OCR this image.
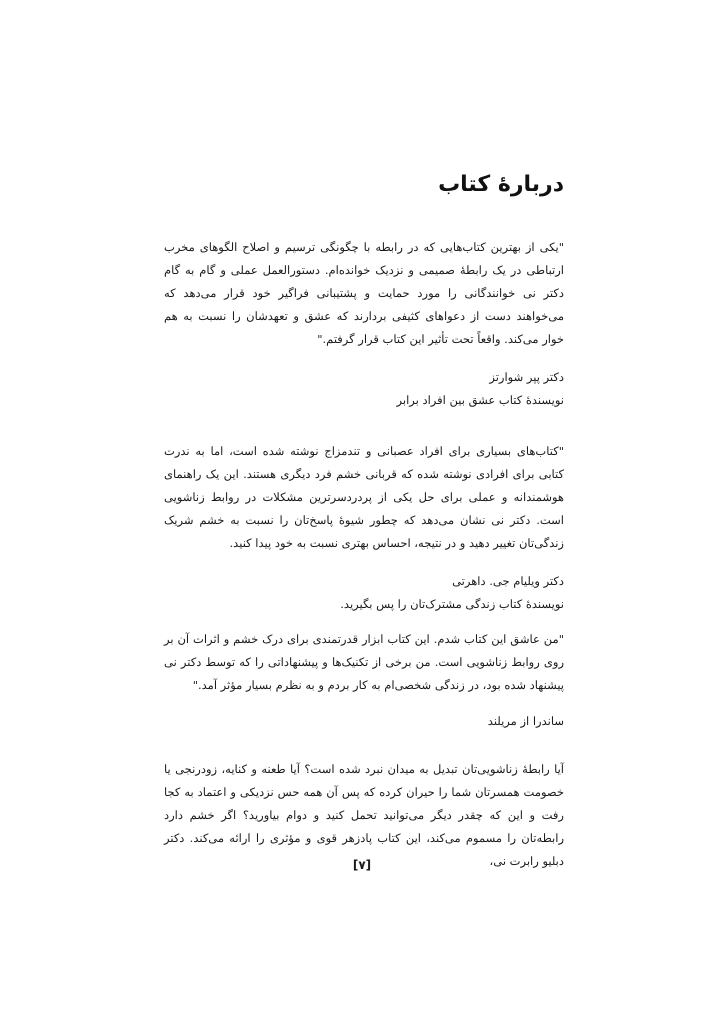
دربارهٔ کتاب

"یکی از بهترین کتاب‌هایی که در رابطه با چگونگی ترسیم و اصلاح الگوهای مخرب ارتباطی در یک رابطهٔ صمیمی و نزدیک خوانده‌ام. دستورالعمل عملی و گام به گام دکتر نی خوانندگانی را مورد حمایت و پشتیبانی فراگیر خود قرار می‌دهد که می‌خواهند دست از دعواهای کثیفی بردارند که عشق و تعهدشان را نسبت به هم خوار می‌کند. واقعاً تحت تأثیر این کتاب قرار گرفتم."

دکتر پپر شوارتز
نویسندهٔ کتاب عشق بین افراد برابر

"کتاب‌های بسیاری برای افراد عصبانی و تندمزاج نوشته شده است، اما به ندرت کتابی برای افرادی نوشته شده که قربانی خشم فرد دیگری هستند. این یک راهنمای هوشمندانه و عملی برای حل یکی از پردردسرترین مشکلات در روابط زناشویی است. دکتر نی نشان می‌دهد که چطور شیوهٔ پاسخ‌تان را نسبت به خشم شریک زندگی‌تان تغییر دهید و در نتیجه، احساس بهتری نسبت به خود پیدا کنید.

دکتر ویلیام جی. داهرتی
نویسندهٔ کتاب زندگی مشترک‌تان را پس بگیرید.

"من عاشق این کتاب شدم. این کتاب ابزار قدرتمندی برای درک خشم و اثرات آن بر روی روابط زناشویی است. من برخی از تکنیک‌ها و پیشنهاداتی را که توسط دکتر نی پیشنهاد شده بود، در زندگی شخصی‌ام به کار بردم و به نظرم بسیار مؤثر آمد."

ساندرا از مریلند

آیا رابطهٔ زناشویی‌تان تبدیل به میدان نبرد شده است؟ آیا طعنه و کنایه، زودرنجی یا خصومت همسرتان شما را حیران کرده که پس آن همه حس نزدیکی و اعتماد به کجا رفت و این که چقدر دیگر می‌توانید تحمل کنید و دوام بیاورید؟ اگر خشم دارد رابطه‌تان را مسموم می‌کند، این کتاب پادزهر قوی و مؤثری را ارائه می‌کند. دکتر دبلیو رابرت نی،

[۷]
